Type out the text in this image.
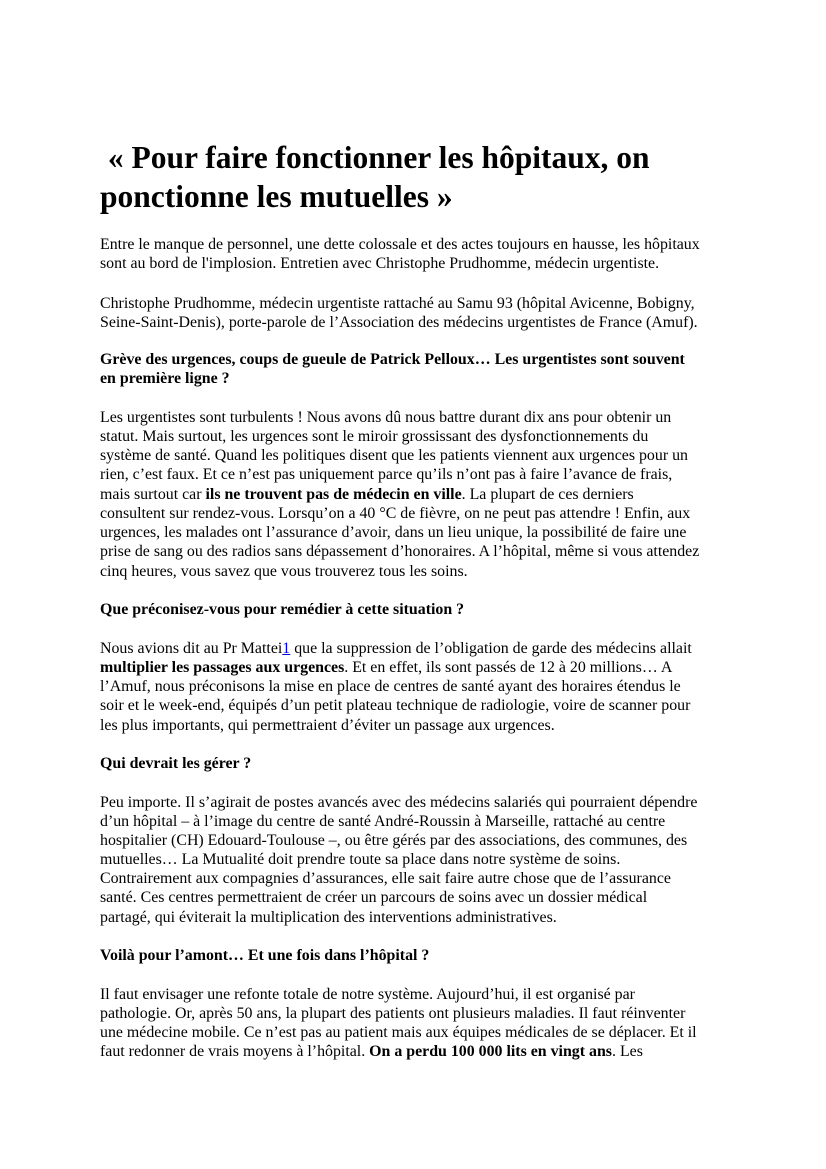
« Pour faire fonctionner les hôpitaux, on
ponctionne les mutuelles »
Entre le manque de personnel, une dette colossale et des actes toujours en hausse, les hôpitaux
sont au bord de l'implosion. Entretien avec Christophe Prudhomme, médecin urgentiste.
Christophe Prudhomme, médecin urgentiste rattaché au Samu 93 (hôpital Avicenne, Bobigny,
Seine-Saint-Denis), porte-parole de l’Association des médecins urgentistes de France (Amuf).
Grève des urgences, coups de gueule de Patrick Pelloux… Les urgentistes sont souvent
en première ligne ?
Les urgentistes sont turbulents ! Nous avons dû nous battre durant dix ans pour obtenir un
statut. Mais surtout, les urgences sont le miroir grossissant des dysfonctionnements du
système de santé. Quand les politiques disent que les patients viennent aux urgences pour un
rien, c’est faux. Et ce n’est pas uniquement parce qu’ils n’ont pas à faire l’avance de frais,
mais surtout car ils ne trouvent pas de médecin en ville. La plupart de ces derniers
consultent sur rendez-vous. Lorsqu’on a 40 °C de fièvre, on ne peut pas attendre ! Enfin, aux
urgences, les malades ont l’assurance d’avoir, dans un lieu unique, la possibilité de faire une
prise de sang ou des radios sans dépassement d’honoraires. A l’hôpital, même si vous attendez
cinq heures, vous savez que vous trouverez tous les soins.
Que préconisez-vous pour remédier à cette situation ?
Nous avions dit au Pr Mattei1 que la suppression de l’obligation de garde des médecins allait
multiplier les passages aux urgences. Et en effet, ils sont passés de 12 à 20 millions… A
l’Amuf, nous préconisons la mise en place de centres de santé ayant des horaires étendus le
soir et le week-end, équipés d’un petit plateau technique de radiologie, voire de scanner pour
les plus importants, qui permettraient d’éviter un passage aux urgences.
Qui devrait les gérer ?
Peu importe. Il s’agirait de postes avancés avec des médecins salariés qui pourraient dépendre
d’un hôpital – à l’image du centre de santé André-Roussin à Marseille, rattaché au centre
hospitalier (CH) Edouard-Toulouse –, ou être gérés par des associations, des communes, des
mutuelles… La Mutualité doit prendre toute sa place dans notre système de soins.
Contrairement aux compagnies d’assurances, elle sait faire autre chose que de l’assurance
santé. Ces centres permettraient de créer un parcours de soins avec un dossier médical
partagé, qui éviterait la multiplication des interventions administratives.
Voilà pour l’amont… Et une fois dans l’hôpital ?
Il faut envisager une refonte totale de notre système. Aujourd’hui, il est organisé par
pathologie. Or, après 50 ans, la plupart des patients ont plusieurs maladies. Il faut réinventer
une médecine mobile. Ce n’est pas au patient mais aux équipes médicales de se déplacer. Et il
faut redonner de vrais moyens à l’hôpital. On a perdu 100 000 lits en vingt ans. Les
